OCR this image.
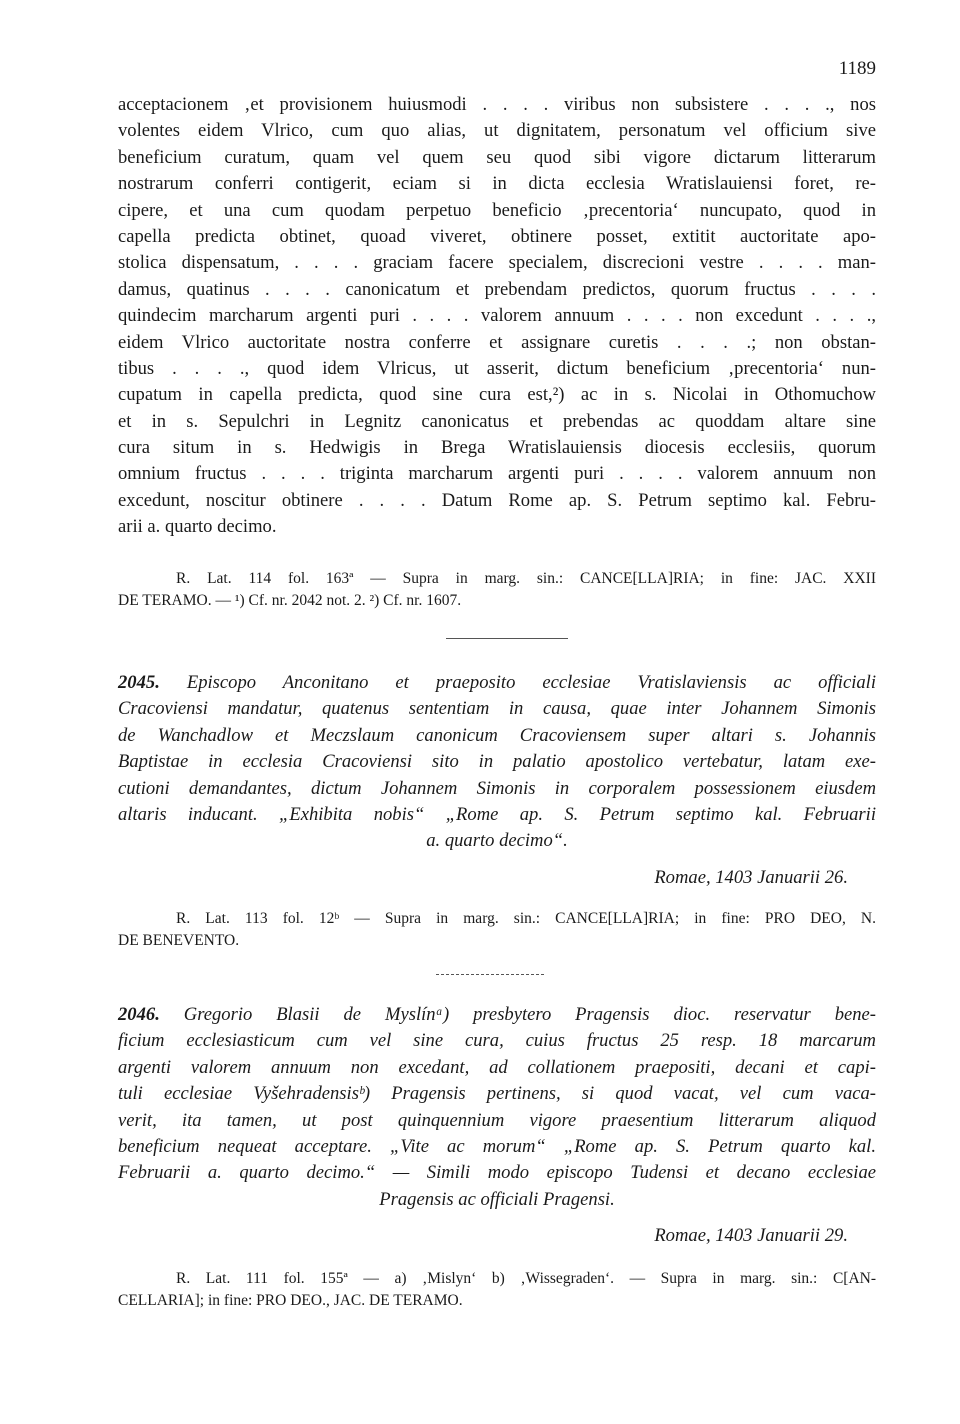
1189
acceptacionem ‚et provisionem huiusmodi . . . . viribus non subsistere . . . ., nos
volentes eidem Vlrico, cum quo alias, ut dignitatem, personatum vel officium sive
beneficium curatum, quam vel quem seu quod sibi vigore dictarum litterarum
nostrarum conferri contigerit, eciam si in dicta ecclesia Wratislauiensi foret, re-
cipere, et una cum quodam perpetuo beneficio ‚precentoria‘ nuncupato, quod in
capella predicta obtinet, quoad viveret, obtinere posset, extitit auctoritate apo-
stolica dispensatum, . . . . graciam facere specialem, discrecioni vestre . . . . man-
damus, quatinus . . . . canonicatum et prebendam predictos, quorum fructus . . . .
quindecim marcharum argenti puri . . . . valorem annuum . . . . non excedunt . . . .,
eidem Vlrico auctoritate nostra conferre et assignare curetis . . . .; non obstan-
tibus . . . ., quod idem Vlricus, ut asserit, dictum beneficium ‚precentoria‘ nun-
cupatum in capella predicta, quod sine cura est,²) ac in s. Nicolai in Othomuchow
et in s. Sepulchri in Legnitz canonicatus et prebendas ac quoddam altare sine
cura situm in s. Hedwigis in Brega Wratislauiensis diocesis ecclesiis, quorum
omnium fructus . . . . triginta marcharum argenti puri . . . . valorem annuum non
excedunt, noscitur obtinere . . . . Datum Rome ap. S. Petrum septimo kal. Febru-
arii a. quarto decimo.
R. Lat. 114 fol. 163ª — Supra in marg. sin.: CANCE[LLA]RIA; in fine: JAC. XXII
DE TERAMO. — ¹) Cf. nr. 2042 not. 2. ²) Cf. nr. 1607.
2045. Episcopo Anconitano et praeposito ecclesiae Vratislaviensis ac officiali
Cracoviensi mandatur, quatenus sententiam in causa, quae inter Johannem Simonis
de Wanchadlow et Meczslaum canonicum Cracoviensem super altari s. Johannis
Baptistae in ecclesia Cracoviensi sito in palatio apostolico vertebatur, latam exe-
cutioni demandantes, dictum Johannem Simonis in corporalem possessionem eiusdem
altaris inducant. „Exhibita nobis“ „Rome ap. S. Petrum septimo kal. Februarii
a. quarto decimo“.
Romae, 1403 Januarii 26.
R. Lat. 113 fol. 12ᵇ — Supra in marg. sin.: CANCE[LLA]RIA; in fine: PRO DEO, N.
DE BENEVENTO.
2046. Gregorio Blasii de Myslínᵃ) presbytero Pragensis dioc. reservatur bene-
ficium ecclesiasticum cum vel sine cura, cuius fructus 25 resp. 18 marcarum
argenti valorem annuum non excedant, ad collationem praepositi, decani et capi-
tuli ecclesiae Vyšehradensisᵇ) Pragensis pertinens, si quod vacat, vel cum vaca-
verit, ita tamen, ut post quinquennium vigore praesentium litterarum aliquod
beneficium nequeat acceptare. „Vite ac morum“ „Rome ap. S. Petrum quarto kal.
Februarii a. quarto decimo.“ — Simili modo episcopo Tudensi et decano ecclesiae
Pragensis ac officiali Pragensi.
Romae, 1403 Januarii 29.
R. Lat. 111 fol. 155ª — a) ‚Mislyn‘ b) ‚Wissegraden‘. — Supra in marg. sin.: C[AN-
CELLARIA]; in fine: PRO DEO., JAC. DE TERAMO.
